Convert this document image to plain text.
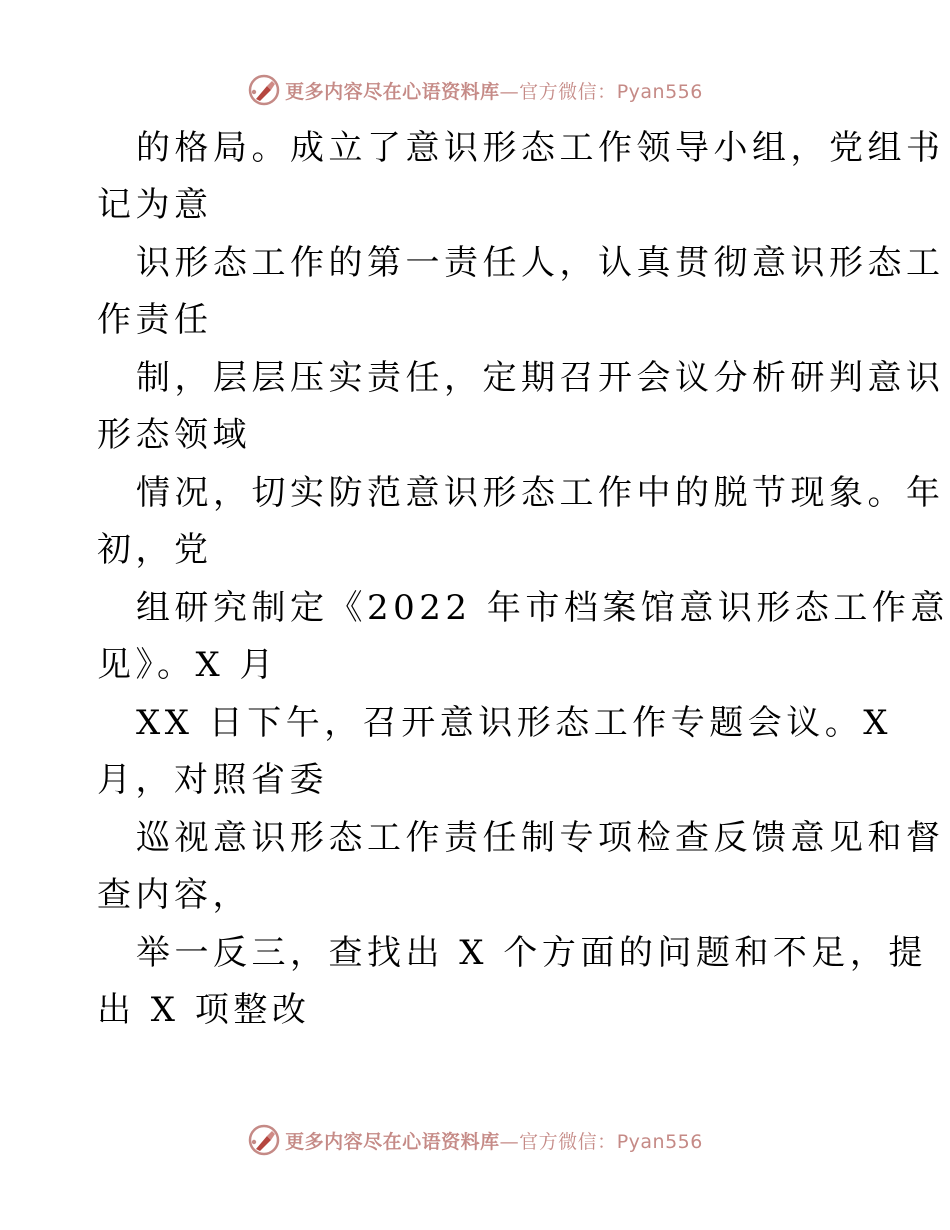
更多内容尽在心语资料库—官方微信：Pyan556

的格局。成立了意识形态工作领导小组，党组书

记为意

识形态工作的第一责任人，认真贯彻意识形态工

作责任

制，层层压实责任，定期召开会议分析研判意识

形态领域

情况，切实防范意识形态工作中的脱节现象。年

初，党

组研究制定《2022 年市档案馆意识形态工作意

见》。X 月

XX 日下午，召开意识形态工作专题会议。X

月，对照省委

巡视意识形态工作责任制专项检查反馈意见和督

查内容，

举一反三，查找出 X 个方面的问题和不足，提

出 X 项整改

更多内容尽在心语资料库—官方微信：Pyan556
